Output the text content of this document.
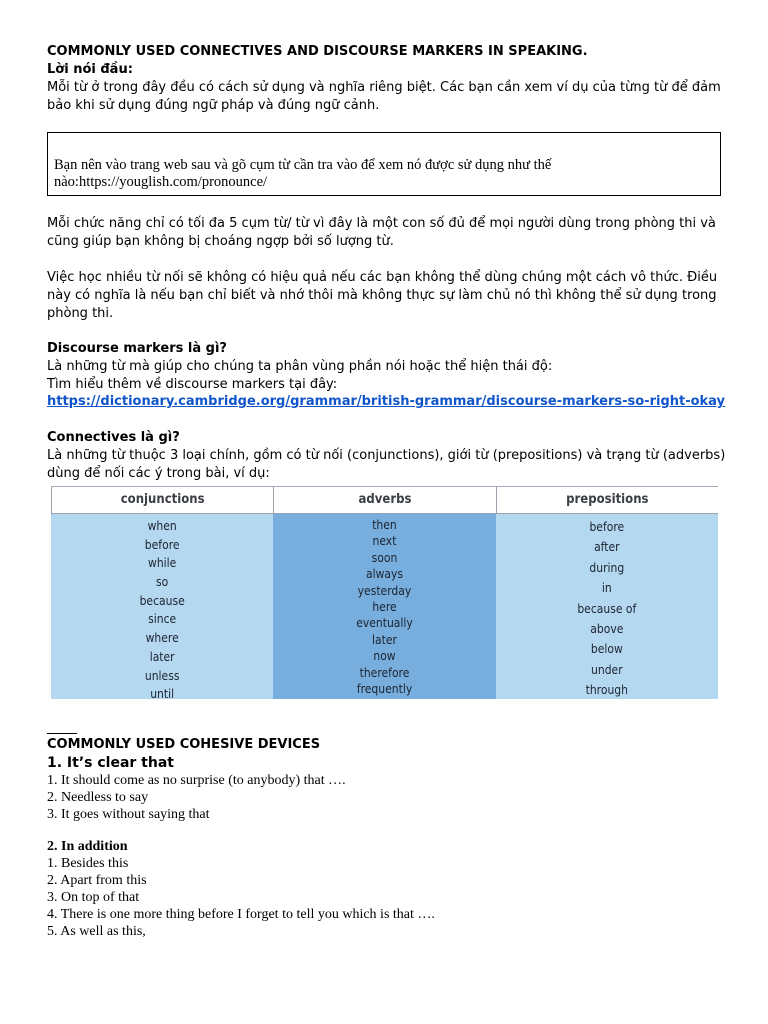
COMMONLY USED CONNECTIVES AND DISCOURSE MARKERS IN SPEAKING.
Lời nói đầu:
Mỗi từ ở trong đây đều có cách sử dụng và nghĩa riêng biệt. Các bạn cần xem ví dụ của từng từ để đảm bảo khi sử dụng đúng ngữ pháp và đúng ngữ cảnh.
Bạn nên vào trang web sau và gõ cụm từ cần tra vào để xem nó được sử dụng như thế nào:https://youglish.com/pronounce/
Mỗi chức năng chỉ có tối đa 5 cụm từ/ từ vì đây là một con số đủ để mọi người dùng trong phòng thi và cũng giúp bạn không bị choáng ngợp bởi số lượng từ.
Việc học nhiều từ nối sẽ không có hiệu quả nếu các bạn không thể dùng chúng một cách vô thức. Điều này có nghĩa là nếu bạn chỉ biết và nhớ thôi mà không thực sự làm chủ nó thì không thể sử dụng trong phòng thi.
Discourse markers là gì?
Là những từ mà giúp cho chúng ta phân vùng phần nói hoặc thể hiện thái độ:
Tìm hiểu thêm về discourse markers tại đây:
https://dictionary.cambridge.org/grammar/british-grammar/discourse-markers-so-right-okay
Connectives là gì?
Là những từ thuộc 3 loại chính, gồm có từ nối (conjunctions), giới từ (prepositions) và trạng từ (adverbs) dùng để nối các ý trong bài, ví dụ:
conjunctions
when
before
while
so
because
since
where
later
unless
until
adverbs
then
next
soon
always
yesterday
here
eventually
later
now
therefore
frequently
prepositions
before
after
during
in
because of
above
below
under
through
COMMONLY USED COHESIVE DEVICES
1. It’s clear that
1. It should come as no surprise (to anybody) that ….
2. Needless to say
3. It goes without saying that
2. In addition
1. Besides this
2. Apart from this
3. On top of that
4. There is one more thing before I forget to tell you which is that ….
5. As well as this,
